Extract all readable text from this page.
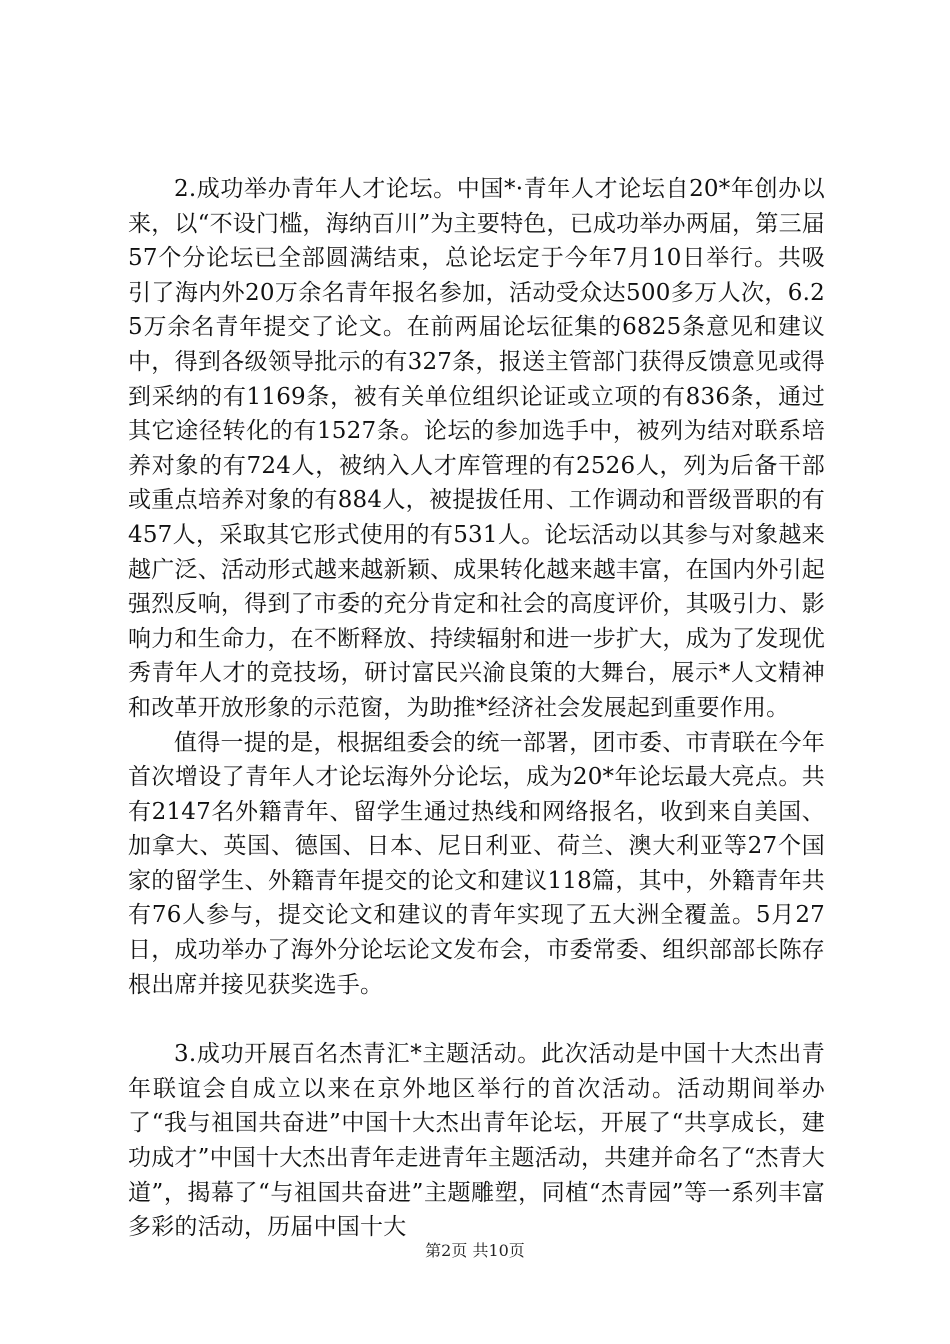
2.成功举办青年人才论坛。中国*·青年人才论坛自20*年创办以来，以“不设门槛，海纳百川”为主要特色，已成功举办两届，第三届57个分论坛已全部圆满结束，总论坛定于今年7月10日举行。共吸引了海内外20万余名青年报名参加，活动受众达500多万人次，6.25万余名青年提交了论文。在前两届论坛征集的6825条意见和建议中，得到各级领导批示的有327条，报送主管部门获得反馈意见或得到采纳的有1169条，被有关单位组织论证或立项的有836条，通过其它途径转化的有1527条。论坛的参加选手中，被列为结对联系培养对象的有724人，被纳入人才库管理的有2526人，列为后备干部或重点培养对象的有884人，被提拔任用、工作调动和晋级晋职的有457人，采取其它形式使用的有531人。论坛活动以其参与对象越来越广泛、活动形式越来越新颖、成果转化越来越丰富，在国内外引起强烈反响，得到了市委的充分肯定和社会的高度评价，其吸引力、影响力和生命力，在不断释放、持续辐射和进一步扩大，成为了发现优秀青年人才的竞技场，研讨富民兴渝良策的大舞台，展示*人文精神和改革开放形象的示范窗，为助推*经济社会发展起到重要作用。

值得一提的是，根据组委会的统一部署，团市委、市青联在今年首次增设了青年人才论坛海外分论坛，成为20*年论坛最大亮点。共有2147名外籍青年、留学生通过热线和网络报名，收到来自美国、加拿大、英国、德国、日本、尼日利亚、荷兰、澳大利亚等27个国家的留学生、外籍青年提交的论文和建议118篇，其中，外籍青年共有76人参与，提交论文和建议的青年实现了五大洲全覆盖。5月27日，成功举办了海外分论坛论文发布会，市委常委、组织部部长陈存根出席并接见获奖选手。

3.成功开展百名杰青汇*主题活动。此次活动是中国十大杰出青年联谊会自成立以来在京外地区举行的首次活动。活动期间举办了“我与祖国共奋进”中国十大杰出青年论坛，开展了“共享成长，建功成才”中国十大杰出青年走进青年主题活动，共建并命名了“杰青大道”，揭幕了“与祖国共奋进”主题雕塑，同植“杰青园”等一系列丰富多彩的活动，历届中国十大

第2页 共10页
